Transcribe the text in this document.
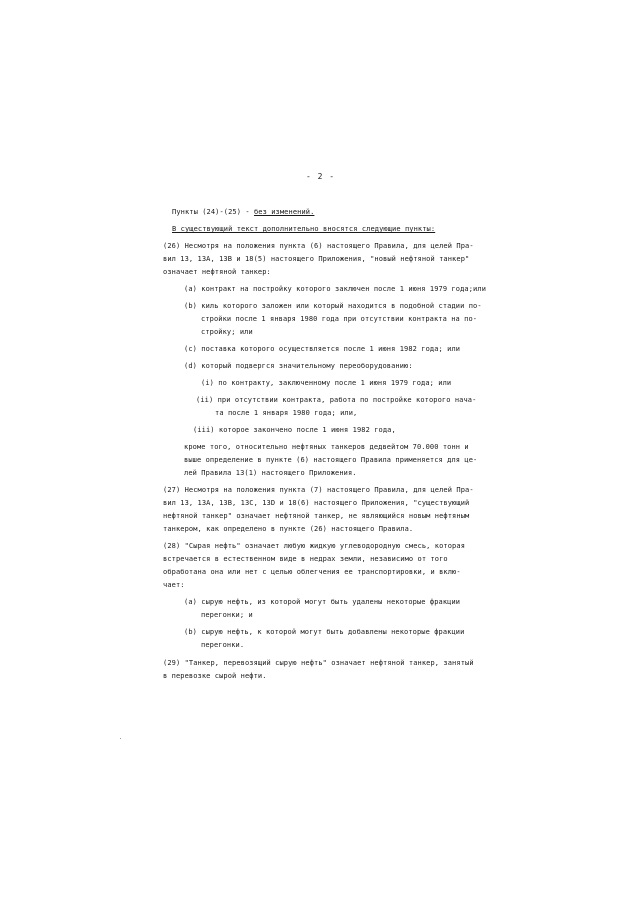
- 2 -
Пункты (24)-(25) - без изменений.
В существующий текст дополнительно вносятся следующие пункты:
(26) Несмотря на положения пункта (6) настоящего Правила, для целей Пра-
вил 13, 13А, 13В и 18(5) настоящего Приложения, "новый нефтяной танкер"
означает нефтяной танкер:
(a) контракт на постройку которого заключен после 1 июня 1979 года;или
(b) киль которого заложен или который находится в подобной стадии по-
стройки после 1 января 1980 года при отсутствии контракта на по-
стройку; или
(c) поставка которого осуществляется после 1 июня 1982 года; или
(d) который подвергся значительному переоборудованию:
(i) по контракту, заключенному после 1 июня 1979 года; или
(ii) при отсутствии контракта, работа по постройке которого нача-
та после 1 января 1980 года; или,
(iii) которое закончено после 1 июня 1982 года,
кроме того, относительно нефтяных танкеров дедвейтом 70.000 тонн и
выше определение в пункте (6) настоящего Правила применяется для це-
лей Правила 13(1) настоящего Приложения.
(27) Несмотря на положения пункта (7) настоящего Правила, для целей Пра-
вил 13, 13А, 13В, 13С, 13D и 18(6) настоящего Приложения, "существующий
нефтяной танкер" означает нефтяной танкер, не являющийся новым нефтяным
танкером, как определено в пункте (26) настоящего Правила.
(28) "Сырая нефть" означает любую жидкую углеводородную смесь, которая
встречается в естественном виде в недрах земли, независимо от того
обработана она или нет с целью облегчения ее транспортировки, и вклю-
чает:
(a) сырую нефть, из которой могут быть удалены некоторые фракции
перегонки; и
(b) сырую нефть, к которой могут быть добавлены некоторые фракции
перегонки.
(29) "Танкер, перевозящий сырую нефть" означает нефтяной танкер, занятый
в перевозке сырой нефти.
